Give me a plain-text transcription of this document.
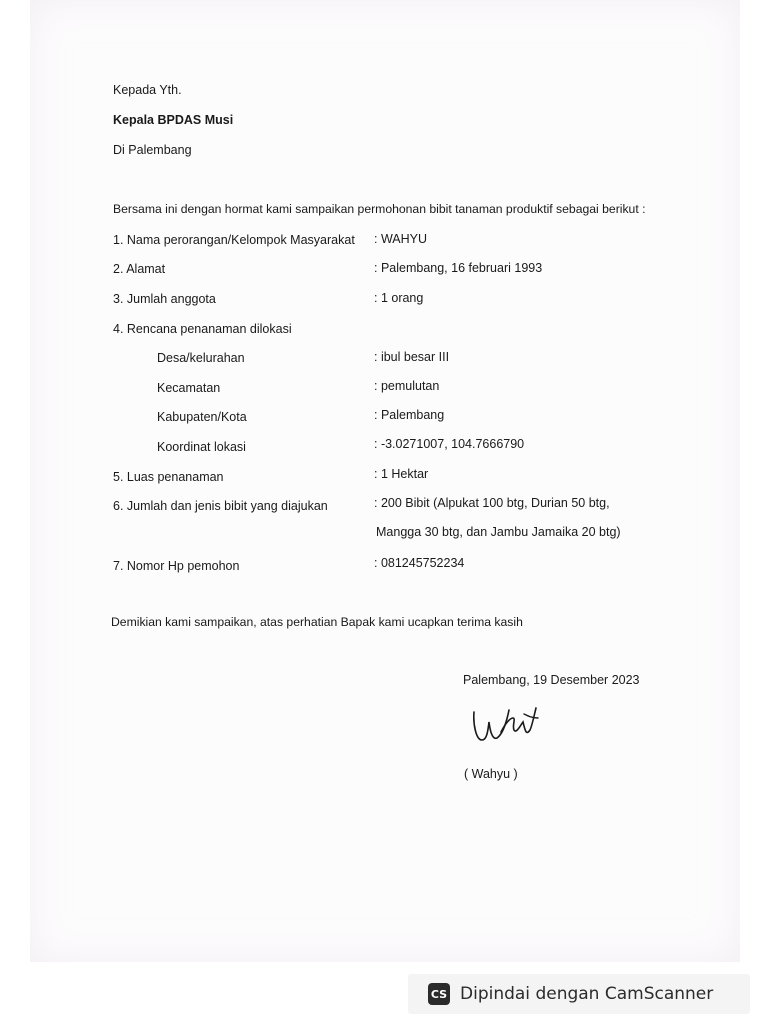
Kepada Yth.
Kepala BPDAS Musi
Di Palembang
Bersama ini dengan hormat kami sampaikan permohonan bibit tanaman produktif sebagai berikut :
1. Nama perorangan/Kelompok Masyarakat : WAHYU
2. Alamat	: Palembang, 16 februari 1993
3. Jumlah anggota	: 1 orang
4. Rencana penanaman dilokasi
Desa/kelurahan	: ibul besar III
Kecamatan	: pemulutan
Kabupaten/Kota	: Palembang
Koordinat lokasi	: -3.0271007, 104.7666790
5. Luas penanaman	: 1 Hektar
6. Jumlah dan jenis bibit yang diajukan	: 200 Bibit (Alpukat 100 btg, Durian 50 btg,
Mangga 30 btg, dan Jambu Jamaika 20 btg)
7. Nomor Hp pemohon	: 081245752234
Demikian kami sampaikan, atas perhatian Bapak kami ucapkan terima kasih
Palembang, 19 Desember 2023
( Wahyu )
CS Dipindai dengan CamScanner
